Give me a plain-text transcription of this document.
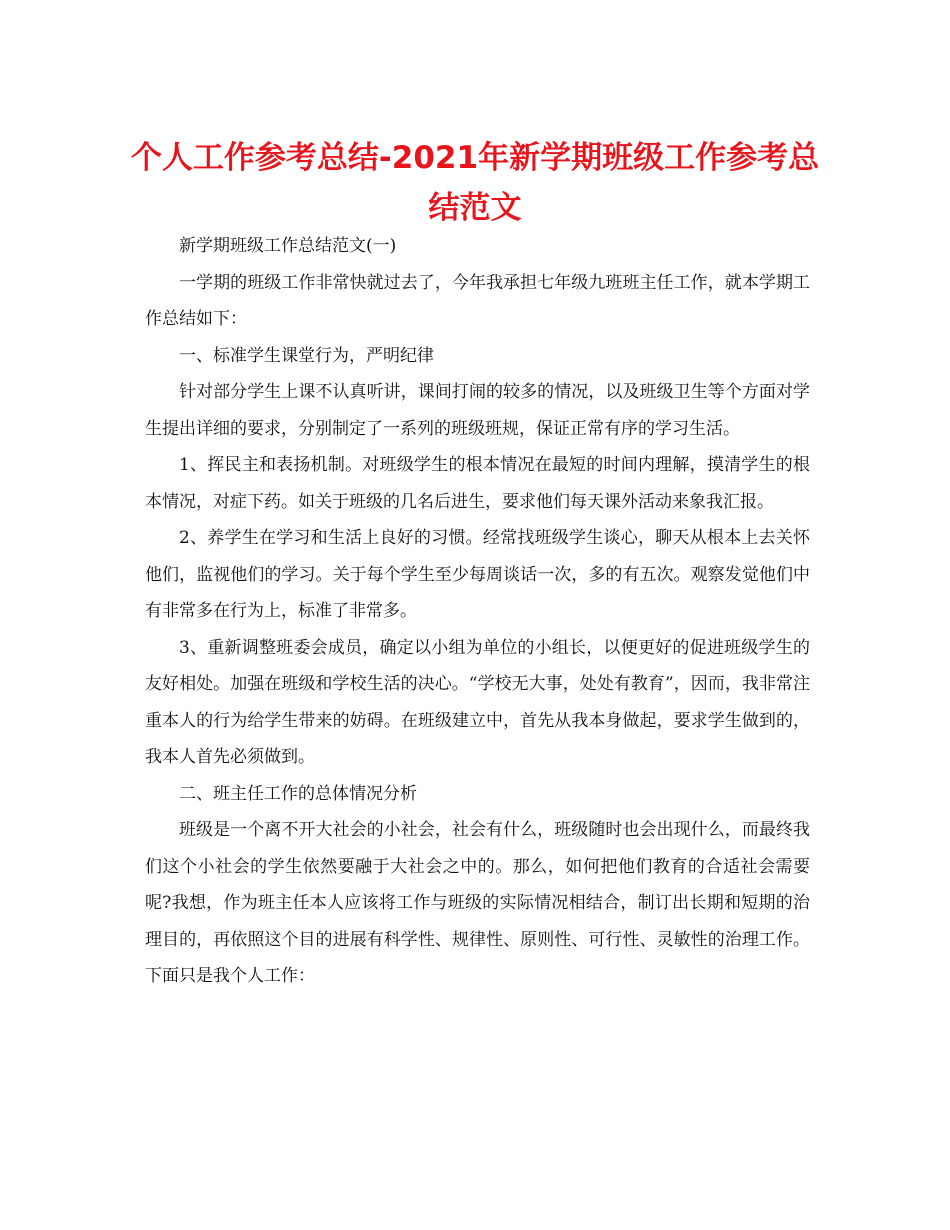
个人工作参考总结-2021年新学期班级工作参考总结范文

新学期班级工作总结范文(一)

一学期的班级工作非常快就过去了，今年我承担七年级九班班主任工作，就本学期工作总结如下：

一、标准学生课堂行为，严明纪律

针对部分学生上课不认真听讲，课间打闹的较多的情况，以及班级卫生等个方面对学生提出详细的要求，分别制定了一系列的班级班规，保证正常有序的学习生活。

1、挥民主和表扬机制。对班级学生的根本情况在最短的时间内理解，摸清学生的根本情况，对症下药。如关于班级的几名后进生，要求他们每天课外活动来象我汇报。

2、养学生在学习和生活上良好的习惯。经常找班级学生谈心，聊天从根本上去关怀他们，监视他们的学习。关于每个学生至少每周谈话一次，多的有五次。观察发觉他们中有非常多在行为上，标准了非常多。

3、重新调整班委会成员，确定以小组为单位的小组长，以便更好的促进班级学生的友好相处。加强在班级和学校生活的决心。“学校无大事，处处有教育”，因而，我非常注重本人的行为给学生带来的妨碍。在班级建立中，首先从我本身做起，要求学生做到的，我本人首先必须做到。

二、班主任工作的总体情况分析

班级是一个离不开大社会的小社会，社会有什么，班级随时也会出现什么，而最终我们这个小社会的学生依然要融于大社会之中的。那么，如何把他们教育的合适社会需要呢?我想，作为班主任本人应该将工作与班级的实际情况相结合，制订出长期和短期的治理目的，再依照这个目的进展有科学性、规律性、原则性、可行性、灵敏性的治理工作。下面只是我个人工作：
